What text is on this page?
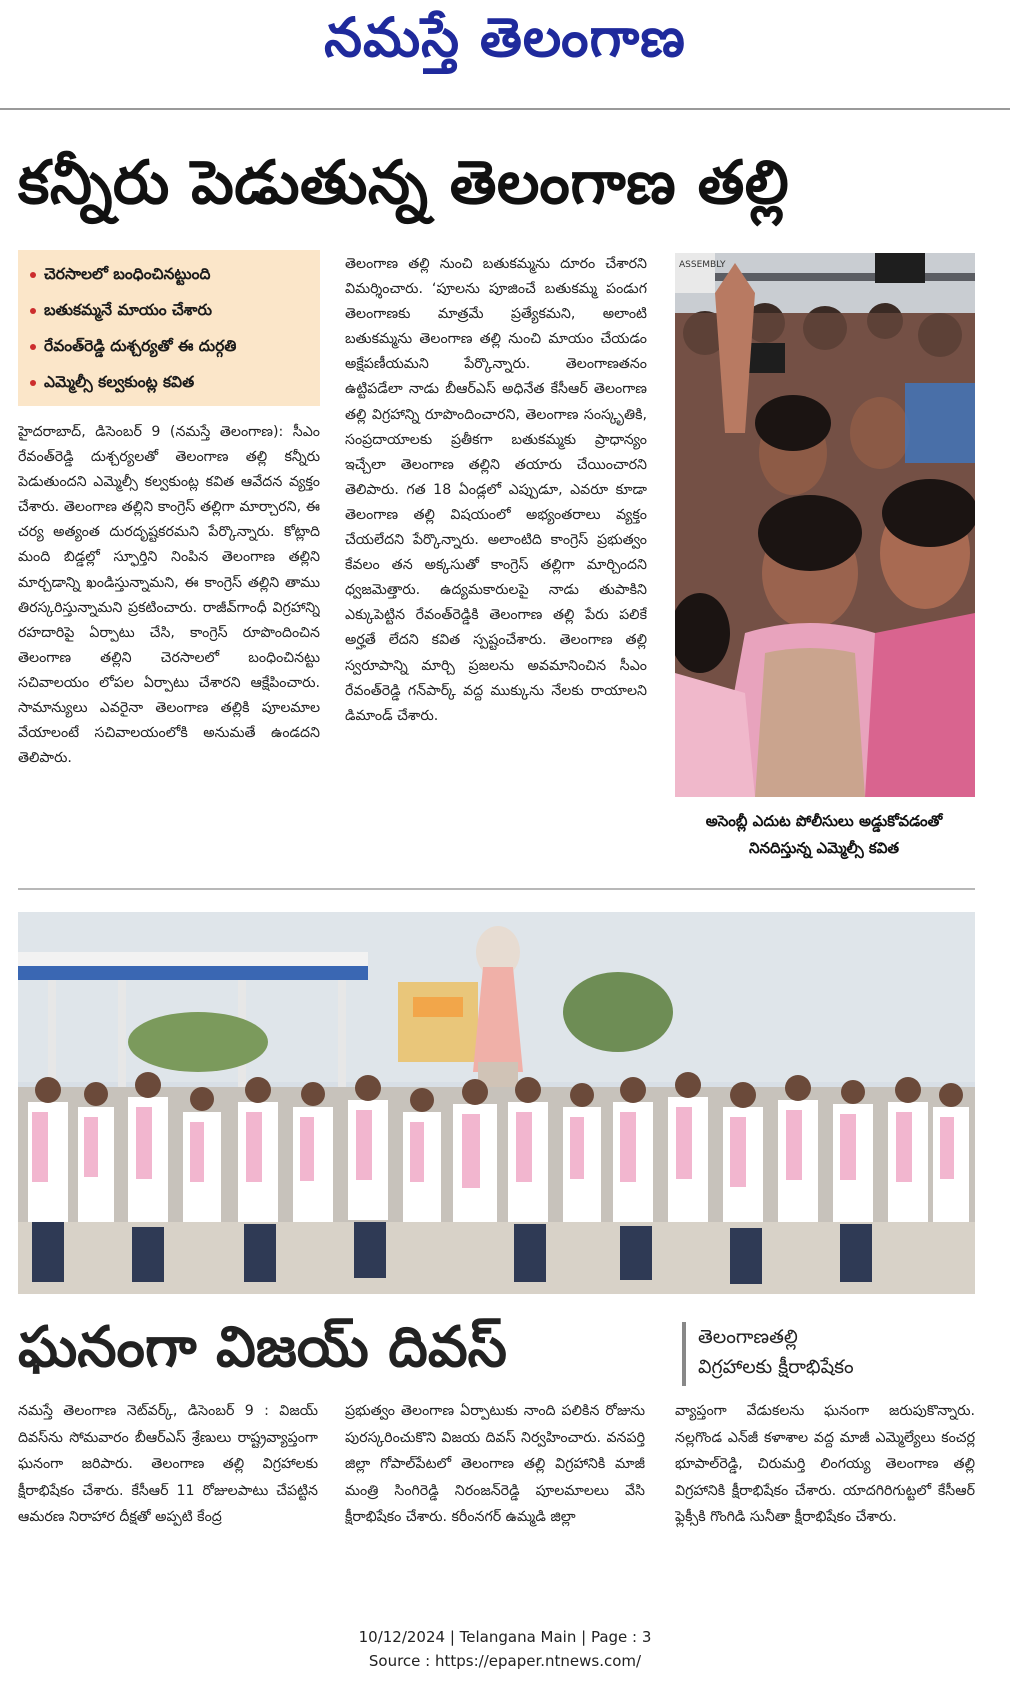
నమస్తే తెలంగాణ
కన్నీరు పెడుతున్న తెలంగాణ తల్లి
చెరసాలలో బంధించినట్టుంది
బతుకమ్మనే మాయం చేశారు
రేవంత్‌రెడ్డి దుశ్చర్యతో ఈ దుర్గతి
ఎమ్మెల్సీ కల్వకుంట్ల కవిత
హైదరాబాద్, డిసెంబర్ 9 (నమస్తే తెలంగాణ): సీఎం రేవంత్‌రెడ్డి దుశ్చర్యలతో తెలంగాణ తల్లి కన్నీరు పెడుతుందని ఎమ్మెల్సీ కల్వకుంట్ల కవిత ఆవేదన వ్యక్తం చేశారు. తెలంగాణ తల్లిని కాంగ్రెస్ తల్లిగా మార్చారని, ఈ చర్య అత్యంత దురదృష్టకరమని పేర్కొన్నారు. కోట్లాది మంది బిడ్డల్లో స్ఫూర్తిని నింపిన తెలంగాణ తల్లిని మార్చడాన్ని ఖండిస్తున్నామని, ఈ కాంగ్రెస్ తల్లిని తాము తిరస్కరిస్తున్నామని ప్రకటించారు. రాజీవ్‌గాంధీ విగ్రహాన్ని రహదారిపై ఏర్పాటు చేసి, కాంగ్రెస్ రూపొందించిన తెలంగాణ తల్లిని చెరసాలలో బంధించినట్టు సచివాలయం లోపల ఏర్పాటు చేశారని ఆక్షేపించారు. సామాన్యులు ఎవరైనా తెలంగాణ తల్లికి పూలమాల వేయాలంటే సచివాలయంలోకి అనుమతే ఉండదని తెలిపారు.
తెలంగాణ తల్లి నుంచి బతుకమ్మను దూరం చేశారని విమర్శించారు. ‘పూలను పూజించే బతుకమ్మ పండుగ తెలంగాణకు మాత్రమే ప్రత్యేకమని, అలాంటి బతుకమ్మను తెలంగాణ తల్లి నుంచి మాయం చేయడం అక్షేపణీయమని పేర్కొన్నారు. తెలంగాణతనం ఉట్టిపడేలా నాడు బీఆర్‌ఎస్ అధినేత కేసీఆర్ తెలంగాణ తల్లి విగ్రహాన్ని రూపొందించారని, తెలంగాణ సంస్కృతికి, సంప్రదాయాలకు ప్రతీకగా బతుకమ్మకు ప్రాధాన్యం ఇచ్చేలా తెలంగాణ తల్లిని తయారు చేయించారని తెలిపారు. గత 18 ఏండ్లలో ఎప్పుడూ, ఎవరూ కూడా తెలంగాణ తల్లి విషయంలో అభ్యంతరాలు వ్యక్తం చేయలేదని పేర్కొన్నారు. అలాంటిది కాంగ్రెస్ ప్రభుత్వం కేవలం తన అక్కసుతో కాంగ్రెస్ తల్లిగా మార్చిందని ధ్వజమెత్తారు. ఉద్యమకారులపై నాడు తుపాకిని ఎక్కుపెట్టిన రేవంత్‌రెడ్డికి తెలంగాణ తల్లి పేరు పలికే అర్హతే లేదని కవిత స్పష్టంచేశారు. తెలంగాణ తల్లి స్వరూపాన్ని మార్చి ప్రజలను అవమానించిన సీఎం రేవంత్‌రెడ్డి గన్‌పార్క్ వద్ద ముక్కును నేలకు రాయాలని డిమాండ్ చేశారు.
ASSEMBLY
అసెంబ్లీ ఎదుట పోలీసులు అడ్డుకోవడంతో
నినదిస్తున్న ఎమ్మెల్సీ కవిత
ఘనంగా విజయ్ దివస్	తెలంగాణతల్లి
విగ్రహాలకు క్షీరాభిషేకం
నమస్తే తెలంగాణ నెట్‌వర్క్, డిసెంబర్ 9 : విజయ్ దివస్‌ను సోమవారం బీఆర్‌ఎస్ శ్రేణులు రాష్ట్రవ్యాప్తంగా ఘనంగా జరిపారు. తెలంగాణ తల్లి విగ్రహాలకు క్షీరాభిషేకం చేశారు. కేసీఆర్ 11 రోజులపాటు చేపట్టిన ఆమరణ నిరాహార దీక్షతో అప్పటి కేంద్ర
ప్రభుత్వం తెలంగాణ ఏర్పాటుకు నాంది పలికిన రోజును పురస్కరించుకొని విజయ దివస్ నిర్వహించారు. వనపర్తి జిల్లా గోపాల్‌పేటలో తెలంగాణ తల్లి విగ్రహానికి మాజీ మంత్రి సింగిరెడ్డి నిరంజన్‌రెడ్డి పూలమాలలు వేసి క్షీరాభిషేకం చేశారు. కరీంనగర్ ఉమ్మడి జిల్లా
వ్యాప్తంగా వేడుకలను ఘనంగా జరుపుకొన్నారు. నల్లగొండ ఎన్‌జీ కళాశాల వద్ద మాజీ ఎమ్మెల్యేలు కంచర్ల భూపాల్‌రెడ్డి, చిరుమర్తి లింగయ్య తెలంగాణ తల్లి విగ్రహానికి క్షీరాభిషేకం చేశారు. యాదగిరిగుట్టలో కేసీఆర్ ఫ్లెక్సీకి గొంగిడి సునీతా క్షీరాభిషేకం చేశారు.
10/12/2024 | Telangana Main | Page : 3
Source : https://epaper.ntnews.com/
